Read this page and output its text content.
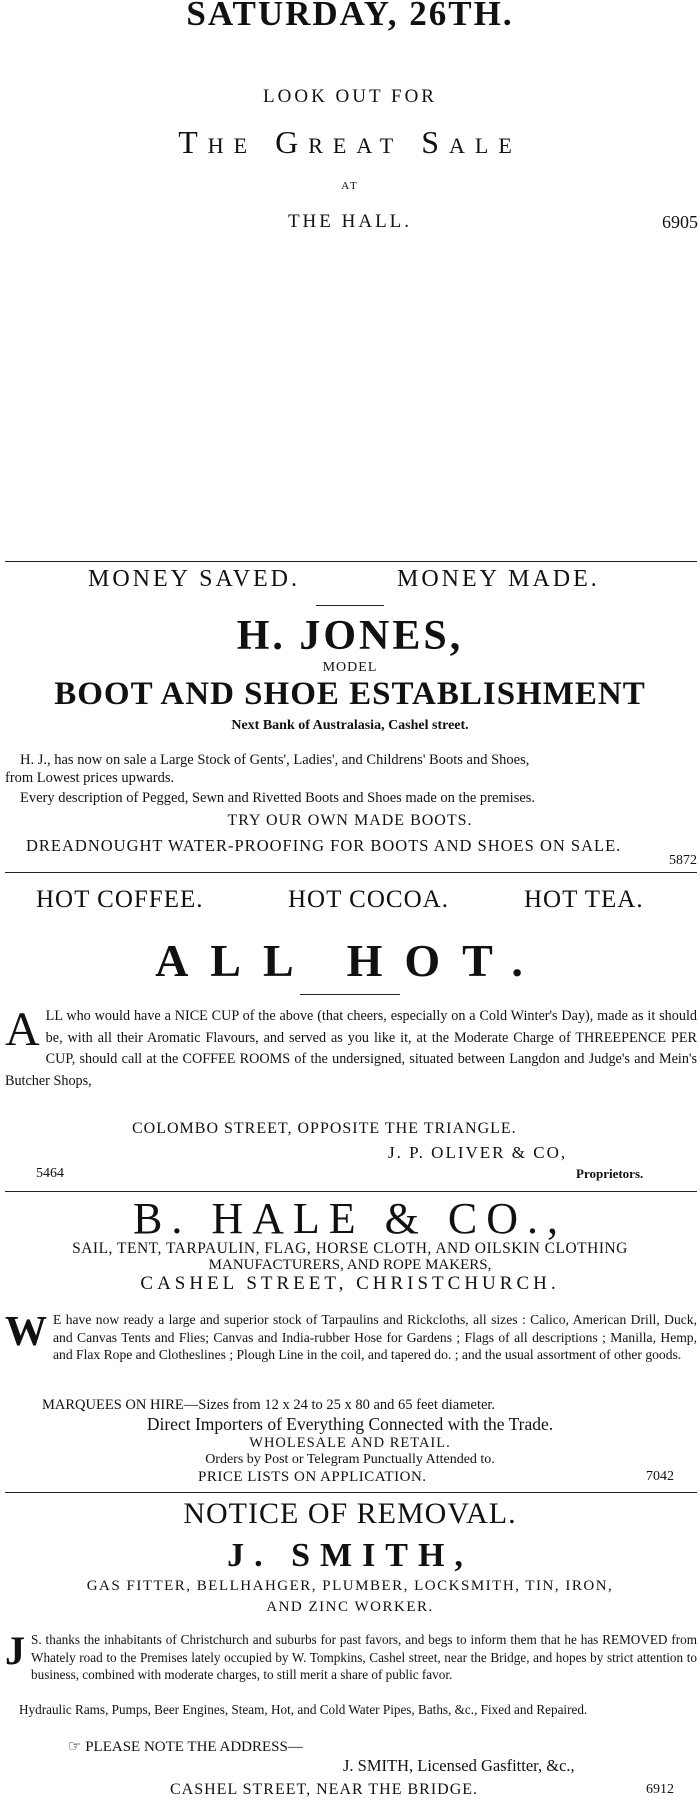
SATURDAY, 26TH.
LOOK OUT FOR
The Great Sale
AT
THE HALL.	6905
MONEY SAVED.	MONEY MADE.
H. JONES,
MODEL
BOOT AND SHOE ESTABLISHMENT
Next Bank of Australasia, Cashel street.
H. J., has now on sale a Large Stock of Gents', Ladies', and Childrens' Boots and Shoes,
from Lowest prices upwards.
Every description of Pegged, Sewn and Rivetted Boots and Shoes made on the premises.
TRY OUR OWN MADE BOOTS.
DREADNOUGHT WATER-PROOFING FOR BOOTS AND SHOES ON SALE.
5872
HOT COFFEE.	HOT COCOA.	HOT TEA.
ALL HOT.
ALL who would have a NICE CUP of the above (that cheers, especially on a Cold Winter's Day), made as it should be, with all their Aromatic Flavours, and served as you like it, at the Moderate Charge of THREEPENCE PER CUP, should call at the COFFEE ROOMS of the undersigned, situated between Langdon and Judge's and Mein's Butcher Shops,
COLOMBO STREET, OPPOSITE THE TRIANGLE.
J. P. OLIVER & CO,
5464	Proprietors.
B. HALE & CO.,
SAIL, TENT, TARPAULIN, FLAG, HORSE CLOTH, AND OILSKIN CLOTHING
MANUFACTURERS, AND ROPE MAKERS,
CASHEL STREET, CHRISTCHURCH.
W E have now ready a large and superior stock of Tarpaulins and Rickcloths, all sizes : Calico, American Drill, Duck, and Canvas Tents and Flies; Canvas and India-rubber Hose for Gardens ; Flags of all descriptions ; Manilla, Hemp, and Flax Rope and Clotheslines ; Plough Line in the coil, and tapered do. ; and the usual assortment of other goods.
MARQUEES ON HIRE—Sizes from 12 x 24 to 25 x 80 and 65 feet diameter.
Direct Importers of Everything Connected with the Trade.
WHOLESALE AND RETAIL.
Orders by Post or Telegram Punctually Attended to.
PRICE LISTS ON APPLICATION.	7042
NOTICE OF REMOVAL.
J. SMITH,
GAS FITTER, BELLHAHGER, PLUMBER, LOCKSMITH, TIN, IRON,
AND ZINC WORKER.
J S. thanks the inhabitants of Christchurch and suburbs for past favors, and begs to inform them that he has REMOVED from Whately road to the Premises lately occupied by W. Tompkins, Cashel street, near the Bridge, and hopes by strict attention to business, combined with moderate charges, to still merit a share of public favor.
Hydraulic Rams, Pumps, Beer Engines, Steam, Hot, and Cold Water Pipes, Baths, &c., Fixed and Repaired.
☞ PLEASE NOTE THE ADDRESS—
J. SMITH, Licensed Gasfitter, &c.,
CASHEL STREET, NEAR THE BRIDGE.	6912
